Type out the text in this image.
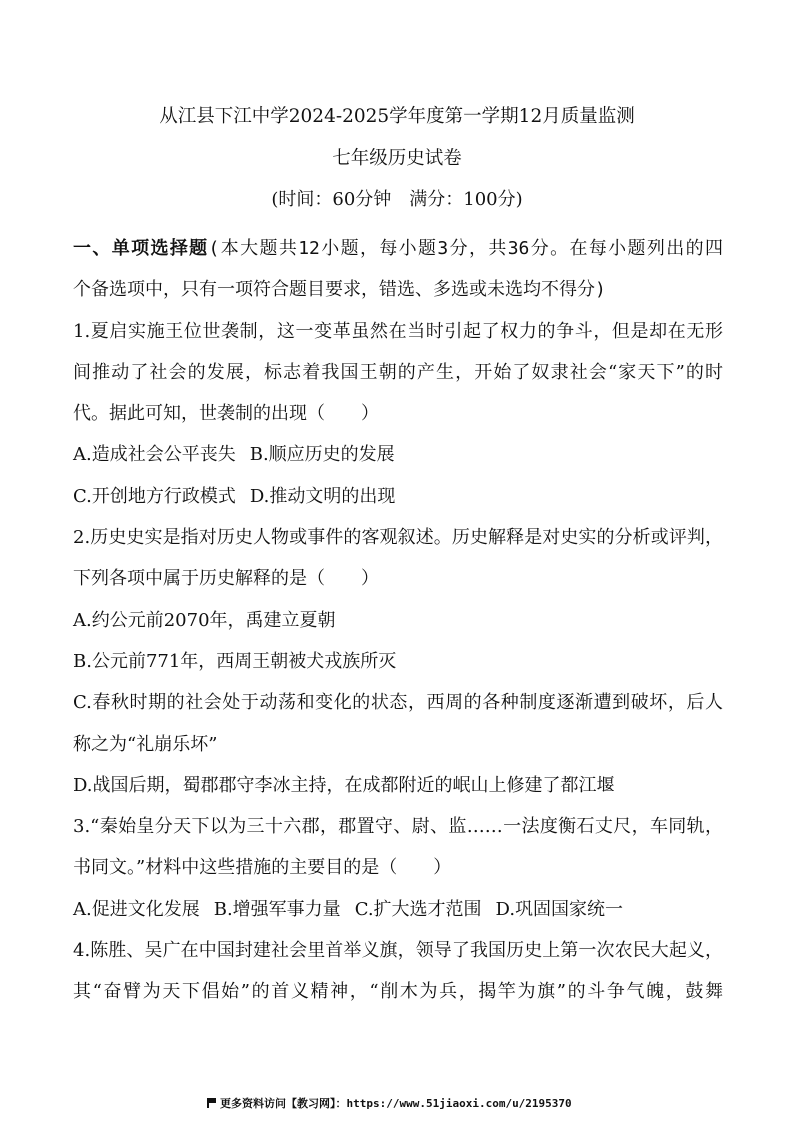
从江县下江中学2024-2025学年度第一学期12月质量监测
七年级历史试卷
(时间：60分钟　满分：100分)
一、单项选择题(本大题共12小题，每小题3分，共36分。在每小题列出的四
个备选项中，只有一项符合题目要求，错选、多选或未选均不得分)
1.夏启实施王位世袭制，这一变革虽然在当时引起了权力的争斗，但是却在无形
间推动了社会的发展，标志着我国王朝的产生，开始了奴隶社会“家天下”的时
代。据此可知，世袭制的出现（　　）
A.造成社会公平丧失 B.顺应历史的发展
C.开创地方行政模式 D.推动文明的出现
2.历史史实是指对历史人物或事件的客观叙述。历史解释是对史实的分析或评判，
下列各项中属于历史解释的是（　　）
A.约公元前2070年，禹建立夏朝
B.公元前771年，西周王朝被犬戎族所灭
C.春秋时期的社会处于动荡和变化的状态，西周的各种制度逐渐遭到破坏，后人
称之为“礼崩乐坏”
D.战国后期，蜀郡郡守李冰主持，在成都附近的岷山上修建了都江堰
3.“秦始皇分天下以为三十六郡，郡置守、尉、监……一法度衡石丈尺，车同轨，
书同文。”材料中这些措施的主要目的是（　　）
A.促进文化发展 B.增强军事力量 C.扩大选才范围 D.巩固国家统一
4.陈胜、吴广在中国封建社会里首举义旗，领导了我国历史上第一次农民大起义，
其“奋臂为天下倡始”的首义精神，“削木为兵，揭竿为旗”的斗争气魄，鼓舞
更多资料访问【教习网】：https://www.51jiaoxi.com/u/2195370
